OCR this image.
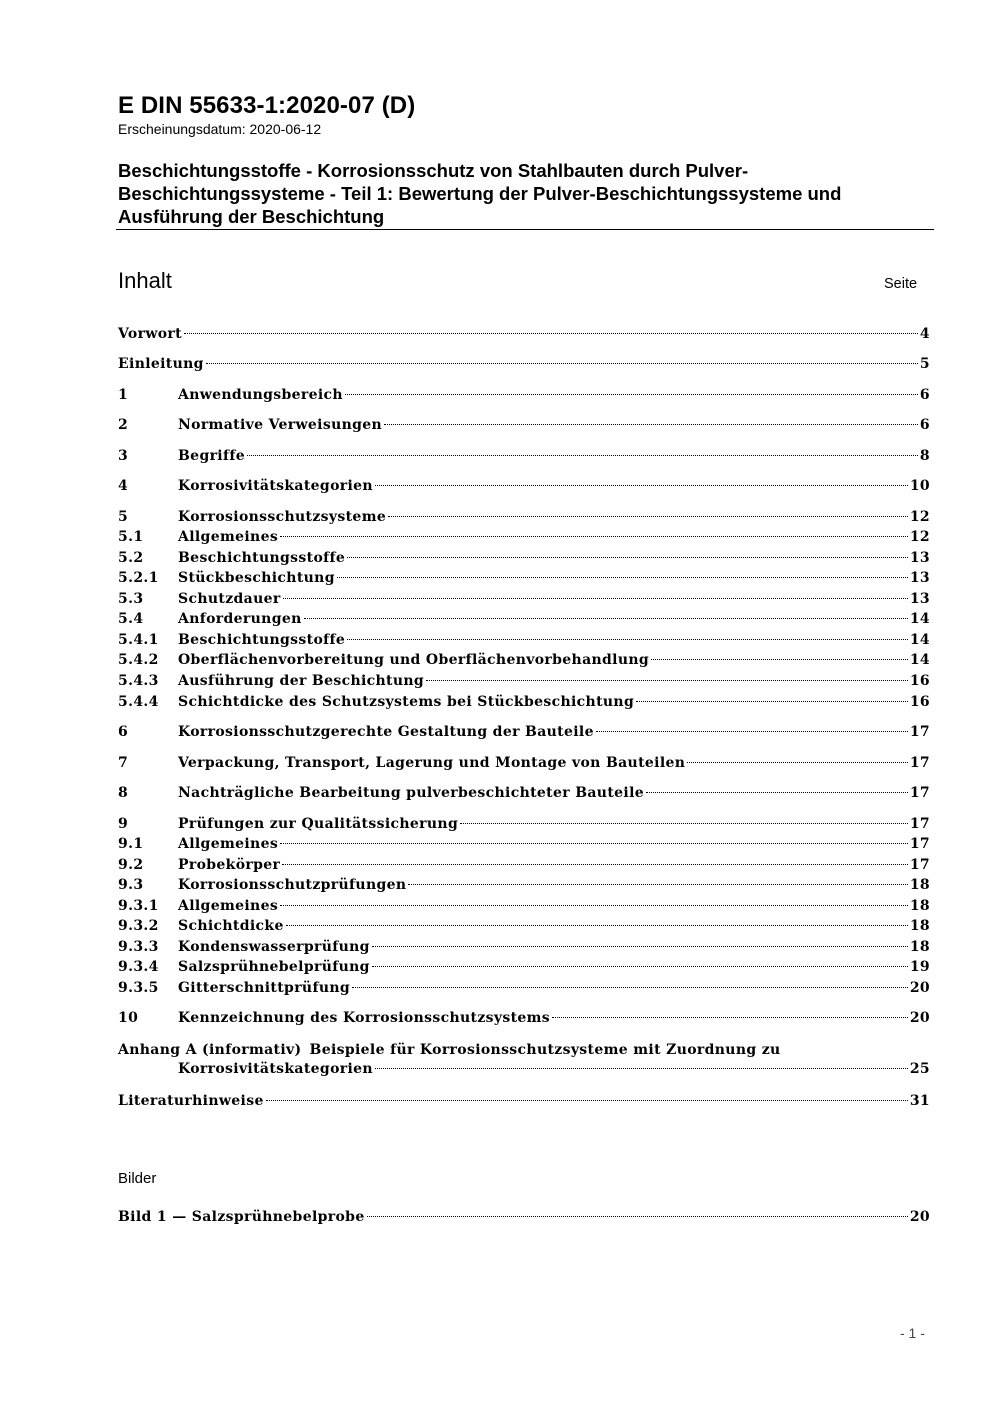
E DIN 55633-1:2020-07 (D)
Erscheinungsdatum: 2020-06-12
Beschichtungsstoffe - Korrosionsschutz von Stahlbauten durch Pulver-Beschichtungssysteme - Teil 1: Bewertung der Pulver-Beschichtungssysteme und Ausführung der Beschichtung
Inhalt	Seite
Vorwort	4
Einleitung	5
1	Anwendungsbereich	6
2	Normative Verweisungen	6
3	Begriffe	8
4	Korrosivitätskategorien	10
5	Korrosionsschutzsysteme	12
5.1	Allgemeines	12
5.2	Beschichtungsstoffe	13
5.2.1	Stückbeschichtung	13
5.3	Schutzdauer	13
5.4	Anforderungen	14
5.4.1	Beschichtungsstoffe	14
5.4.2	Oberflächenvorbereitung und Oberflächenvorbehandlung	14
5.4.3	Ausführung der Beschichtung	16
5.4.4	Schichtdicke des Schutzsystems bei Stückbeschichtung	16
6	Korrosionsschutzgerechte Gestaltung der Bauteile	17
7	Verpackung, Transport, Lagerung und Montage von Bauteilen	17
8	Nachträgliche Bearbeitung pulverbeschichteter Bauteile	17
9	Prüfungen zur Qualitätssicherung	17
9.1	Allgemeines	17
9.2	Probekörper	17
9.3	Korrosionsschutzprüfungen	18
9.3.1	Allgemeines	18
9.3.2	Schichtdicke	18
9.3.3	Kondenswasserprüfung	18
9.3.4	Salzsprühnebelprüfung	19
9.3.5	Gitterschnittprüfung	20
10	Kennzeichnung des Korrosionsschutzsystems	20
Anhang A (informativ) Beispiele für Korrosionsschutzsysteme mit Zuordnung zu
Korrosivitätskategorien	25
Literaturhinweise	31
Bilder
Bild 1 — Salzsprühnebelprobe	20
- 1 -
